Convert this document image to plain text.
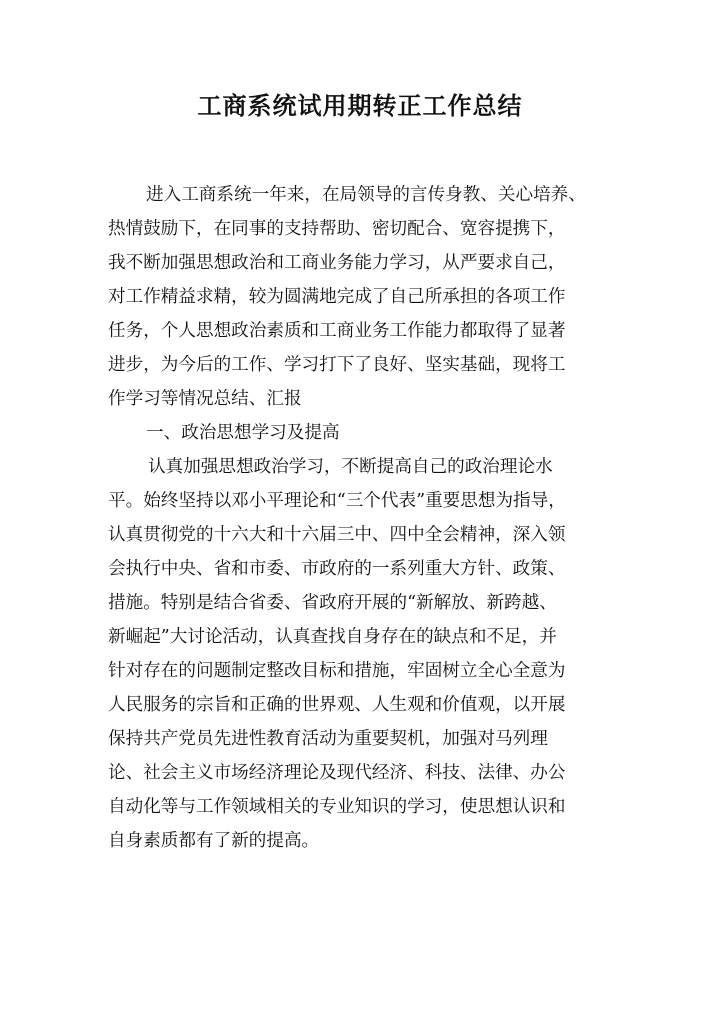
工商系统试用期转正工作总结
进入工商系统一年来，在局领导的言传身教、关心培养、
热情鼓励下，在同事的支持帮助、密切配合、宽容提携下，
我不断加强思想政治和工商业务能力学习，从严要求自己，
对工作精益求精，较为圆满地完成了自己所承担的各项工作
任务，个人思想政治素质和工商业务工作能力都取得了显著
进步，为今后的工作、学习打下了良好、坚实基础，现将工
作学习等情况总结、汇报
一、政治思想学习及提高
认真加强思想政治学习，不断提高自己的政治理论水
平。始终坚持以邓小平理论和“三个代表”重要思想为指导，
认真贯彻党的十六大和十六届三中、四中全会精神，深入领
会执行中央、省和市委、市政府的一系列重大方针、政策、
措施。特别是结合省委、省政府开展的“新解放、新跨越、
新崛起”大讨论活动，认真查找自身存在的缺点和不足，并
针对存在的问题制定整改目标和措施，牢固树立全心全意为
人民服务的宗旨和正确的世界观、人生观和价值观，以开展
保持共产党员先进性教育活动为重要契机，加强对马列理
论、社会主义市场经济理论及现代经济、科技、法律、办公
自动化等与工作领域相关的专业知识的学习，使思想认识和
自身素质都有了新的提高。
